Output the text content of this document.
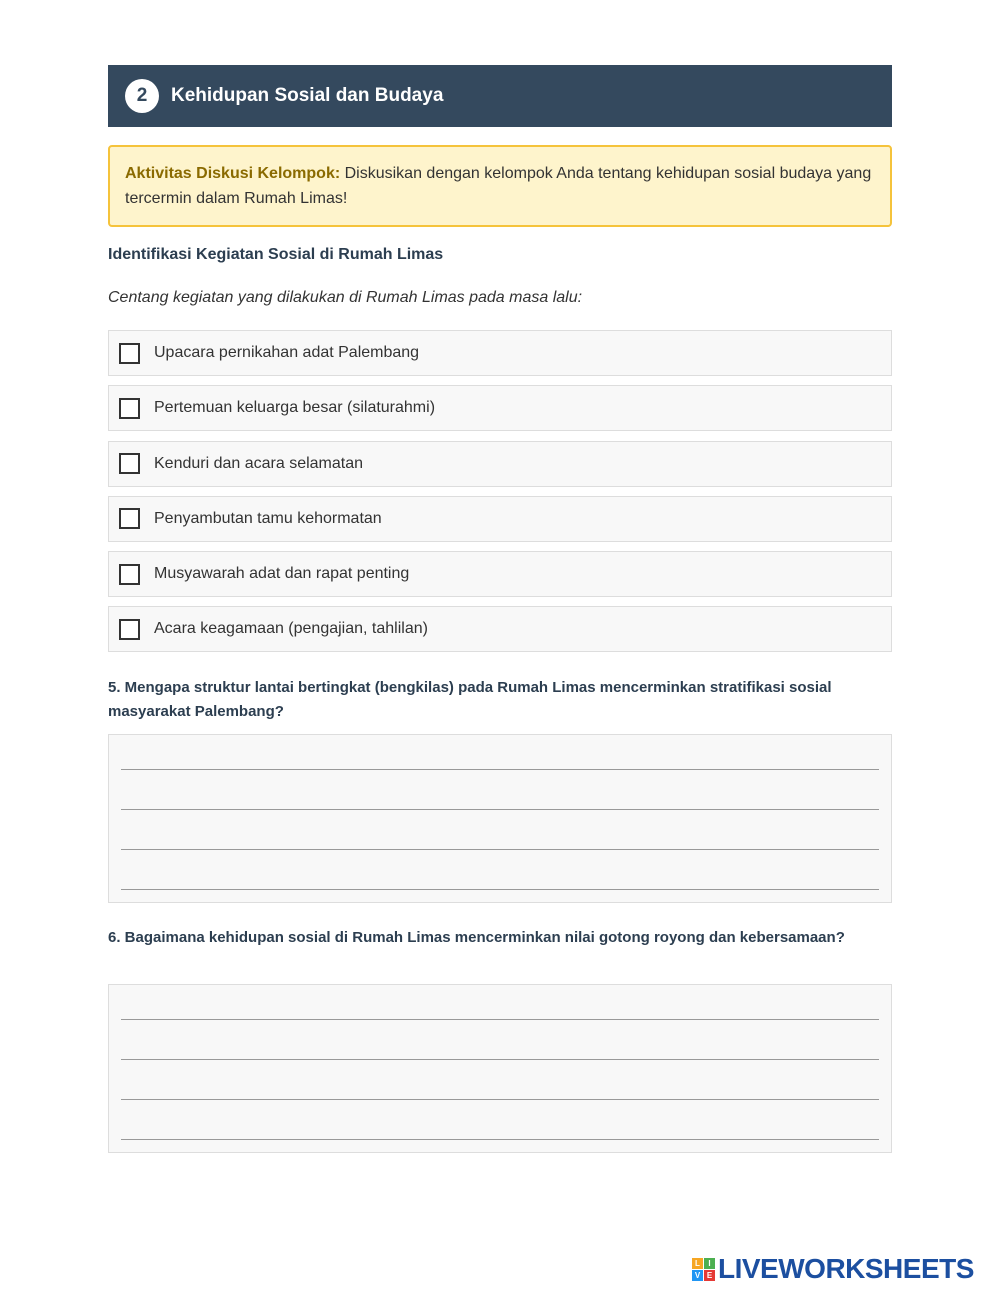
2	Kehidupan Sosial dan Budaya
Aktivitas Diskusi Kelompok: Diskusikan dengan kelompok Anda tentang kehidupan sosial budaya yang tercermin dalam Rumah Limas!
Identifikasi Kegiatan Sosial di Rumah Limas
Centang kegiatan yang dilakukan di Rumah Limas pada masa lalu:
Upacara pernikahan adat Palembang
Pertemuan keluarga besar (silaturahmi)
Kenduri dan acara selamatan
Penyambutan tamu kehormatan
Musyawarah adat dan rapat penting
Acara keagamaan (pengajian, tahlilan)
5. Mengapa struktur lantai bertingkat (bengkilas) pada Rumah Limas mencerminkan stratifikasi sosial masyarakat Palembang?
6. Bagaimana kehidupan sosial di Rumah Limas mencerminkan nilai gotong royong dan kebersamaan?
L	I
V E LIVEWORKSHEETS
